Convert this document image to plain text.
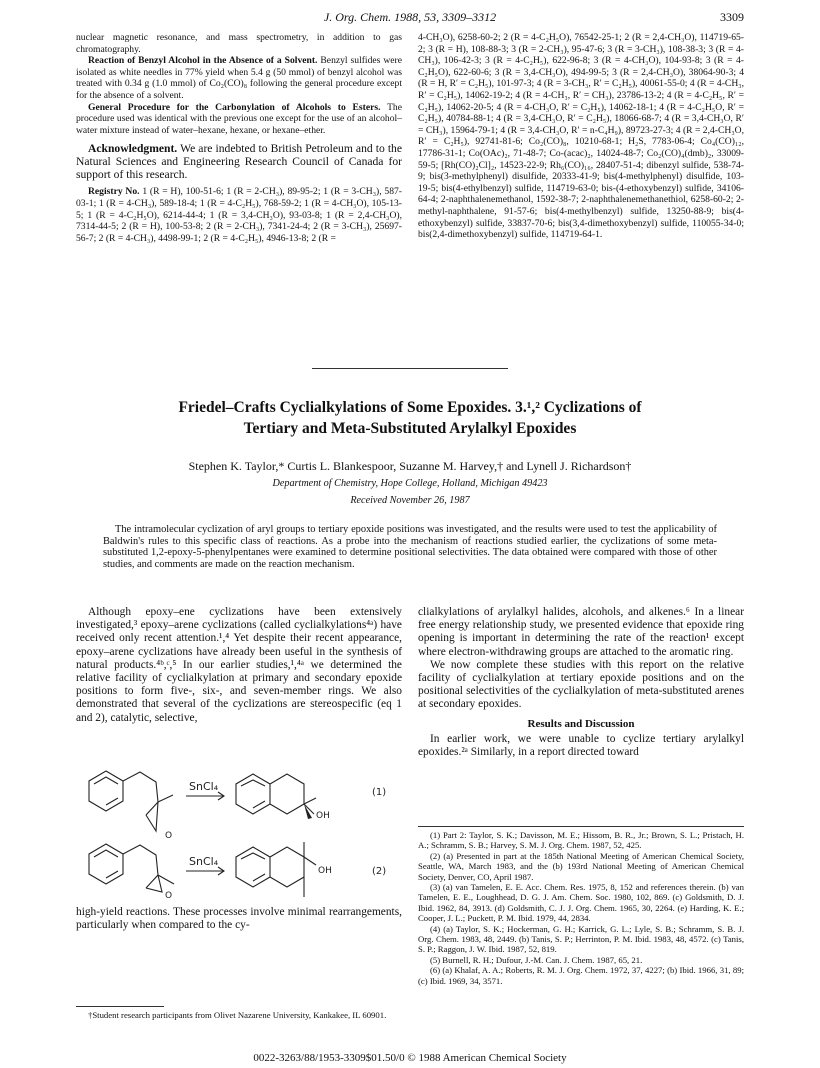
J. Org. Chem. 1988, 53, 3309–3312	3309

nuclear magnetic resonance, and mass spectrometry, in addition to gas chromatography.

Reaction of Benzyl Alcohol in the Absence of a Solvent. Benzyl sulfides were isolated as white needles in 77% yield when 5.4 g (50 mmol) of benzyl alcohol was treated with 0.34 g (1.0 mmol) of Co₂(CO)₈ following the general procedure except for the absence of a solvent.

General Procedure for the Carbonylation of Alcohols to Esters. The procedure used was identical with the previous one except for the use of an alcohol–water mixture instead of water–hexane, hexane, or hexane–ether.

Acknowledgment. We are indebted to British Petroleum and to the Natural Sciences and Engineering Research Council of Canada for support of this research.

Registry No. 1 (R = H), 100-51-6; 1 (R = 2-CH₃), 89-95-2; 1 (R = 3-CH₃), 587-03-1; 1 (R = 4-CH₃), 589-18-4; 1 (R = 4-C₂H₅), 768-59-2; 1 (R = 4-CH₃O), 105-13-5; 1 (R = 4-C₂H₅O), 6214-44-4; 1 (R = 3,4-CH₃O), 93-03-8; 1 (R = 2,4-CH₃O), 7314-44-5; 2 (R = H), 100-53-8; 2 (R = 2-CH₃), 7341-24-4; 2 (R = 3-CH₃), 25697-56-7; 2 (R = 4-CH₃), 4498-99-1; 2 (R = 4-C₂H₅), 4946-13-8; 2 (R =

4-CH₃O), 6258-60-2; 2 (R = 4-C₂H₅O), 76542-25-1; 2 (R = 2,4-CH₃O), 114719-65-2; 3 (R = H), 108-88-3; 3 (R = 2-CH₃), 95-47-6; 3 (R = 3-CH₃), 108-38-3; 3 (R = 4-CH₃), 106-42-3; 3 (R = 4-C₂H₅), 622-96-8; 3 (R = 4-CH₃O), 104-93-8; 3 (R = 4-C₂H₅O), 622-60-6; 3 (R = 3,4-CH₃O), 494-99-5; 3 (R = 2,4-CH₃O), 38064-90-3; 4 (R = H, R′ = C₂H₅), 101-97-3; 4 (R = 3-CH₃, R′ = C₂H₅), 40061-55-0; 4 (R = 4-CH₃, R′ = C₂H₅), 14062-19-2; 4 (R = 4-CH₃, R′ = CH₃), 23786-13-2; 4 (R = 4-C₂H₅, R′ = C₂H₅), 14062-20-5; 4 (R = 4-CH₃O, R′ = C₂H₅), 14062-18-1; 4 (R = 4-C₂H₅O, R′ = C₂H₅), 40784-88-1; 4 (R = 3,4-CH₃O, R′ = C₂H₅), 18066-68-7; 4 (R = 3,4-CH₃O, R′ = CH₃), 15964-79-1; 4 (R = 3,4-CH₃O, R′ = n-C₄H₉), 89723-27-3; 4 (R = 2,4-CH₃O, R′ = C₂H₅), 92741-81-6; Co₂(CO)₈, 10210-68-1; H₂S, 7783-06-4; Co₄(CO)₁₂, 17786-31-1; Co(OAc)₂, 71-48-7; Co-(acac)₂, 14024-48-7; Co₂(CO)₄(dmb)₂, 33009-59-5; [Rh(CO)₂Cl]₂, 14523-22-9; Rh₆(CO)₁₆, 28407-51-4; dibenzyl sulfide, 538-74-9; bis(3-methylphenyl) disulfide, 20333-41-9; bis(4-methylphenyl) disulfide, 103-19-5; bis(4-ethylbenzyl) sulfide, 114719-63-0; bis-(4-ethoxybenzyl) sulfide, 34106-64-4; 2-naphthalenemethanol, 1592-38-7; 2-naphthalenemethanethiol, 6258-60-2; 2-methyl-naphthalene, 91-57-6; bis(4-methylbenzyl) sulfide, 13250-88-9; bis(4-ethoxybenzyl) sulfide, 33837-70-6; bis(3,4-dimethoxybenzyl) sulfide, 110055-34-0; bis(2,4-dimethoxybenzyl) sulfide, 114719-64-1.

Friedel–Crafts Cyclialkylations of Some Epoxides. 3.¹,² Cyclizations of
Tertiary and Meta-Substituted Arylalkyl Epoxides
Stephen K. Taylor,* Curtis L. Blankespoor, Suzanne M. Harvey,† and Lynell J. Richardson†
Department of Chemistry, Hope College, Holland, Michigan 49423
Received November 26, 1987

The intramolecular cyclization of aryl groups to tertiary epoxide positions was investigated, and the results were used to test the applicability of Baldwin's rules to this specific class of reactions. As a probe into the mechanism of reactions studied earlier, the cyclizations of some meta-substituted 1,2-epoxy-5-phenylpentanes were examined to determine positional selectivities. The data obtained were compared with those of other studies, and comments are made on the reaction mechanism.

Although epoxy–ene cyclizations have been extensively investigated,³ epoxy–arene cyclizations (called cyclialkylations⁴ᵃ) have received only recent attention.¹,⁴ Yet despite their recent appearance, epoxy–arene cyclizations have already been useful in the synthesis of natural products.⁴ᵇ,ᶜ,⁵ In our earlier studies,¹,⁴ᵃ we determined the relative facility of cyclialkylation at primary and secondary epoxide positions to form five-, six-, and seven-member rings. We also demonstrated that several of the cyclizations are stereospecific (eq 1 and 2), catalytic, selective,

SnCl₄
SnCl₄
OH
OH
O
O
(1)
(2)

high-yield reactions. These processes involve minimal rearrangements, particularly when compared to the cy-

†Student research participants from Olivet Nazarene University, Kankakee, IL 60901.

clialkylations of arylalkyl halides, alcohols, and alkenes.⁶ In a linear free energy relationship study, we presented evidence that epoxide ring opening is important in determining the rate of the reaction¹ except where electron-withdrawing groups are attached to the aromatic ring.

We now complete these studies with this report on the relative facility of cyclialkylation at tertiary epoxide positions and on the positional selectivities of the cyclialkylation of meta-substituted arenes at secondary epoxides.

Results and Discussion

In earlier work, we were unable to cyclize tertiary arylalkyl epoxides.²ᵃ Similarly, in a report directed toward

(1) Part 2: Taylor, S. K.; Davisson, M. E.; Hissom, B. R., Jr.; Brown, S. L.; Pristach, H. A.; Schramm, S. B.; Harvey, S. M. J. Org. Chem. 1987, 52, 425.

(2) (a) Presented in part at the 185th National Meeting of American Chemical Society, Seattle, WA, March 1983, and the (b) 193rd National Meeting of American Chemical Society, Denver, CO, April 1987.

(3) (a) van Tamelen, E. E. Acc. Chem. Res. 1975, 8, 152 and references therein. (b) van Tamelen, E. E., Loughhead, D. G. J. Am. Chem. Soc. 1980, 102, 869. (c) Goldsmith, D. J. Ibid. 1962, 84, 3913. (d) Goldsmith, C. J. J. Org. Chem. 1965, 30, 2264. (e) Harding, K. E.; Cooper, J. L.; Puckett, P. M. Ibid. 1979, 44, 2834.

(4) (a) Taylor, S. K.; Hockerman, G. H.; Karrick, G. L.; Lyle, S. B.; Schramm, S. B. J. Org. Chem. 1983, 48, 2449. (b) Tanis, S. P.; Herrinton, P. M. Ibid. 1983, 48, 4572. (c) Tanis, S. P.; Raggon, J. W. Ibid. 1987, 52, 819.

(5) Burnell, R. H.; Dufour, J.-M. Can. J. Chem. 1987, 65, 21.

(6) (a) Khalaf, A. A.; Roberts, R. M. J. Org. Chem. 1972, 37, 4227; (b) Ibid. 1966, 31, 89; (c) Ibid. 1969, 34, 3571.

0022-3263/88/1953-3309$01.50/0 © 1988 American Chemical Society
